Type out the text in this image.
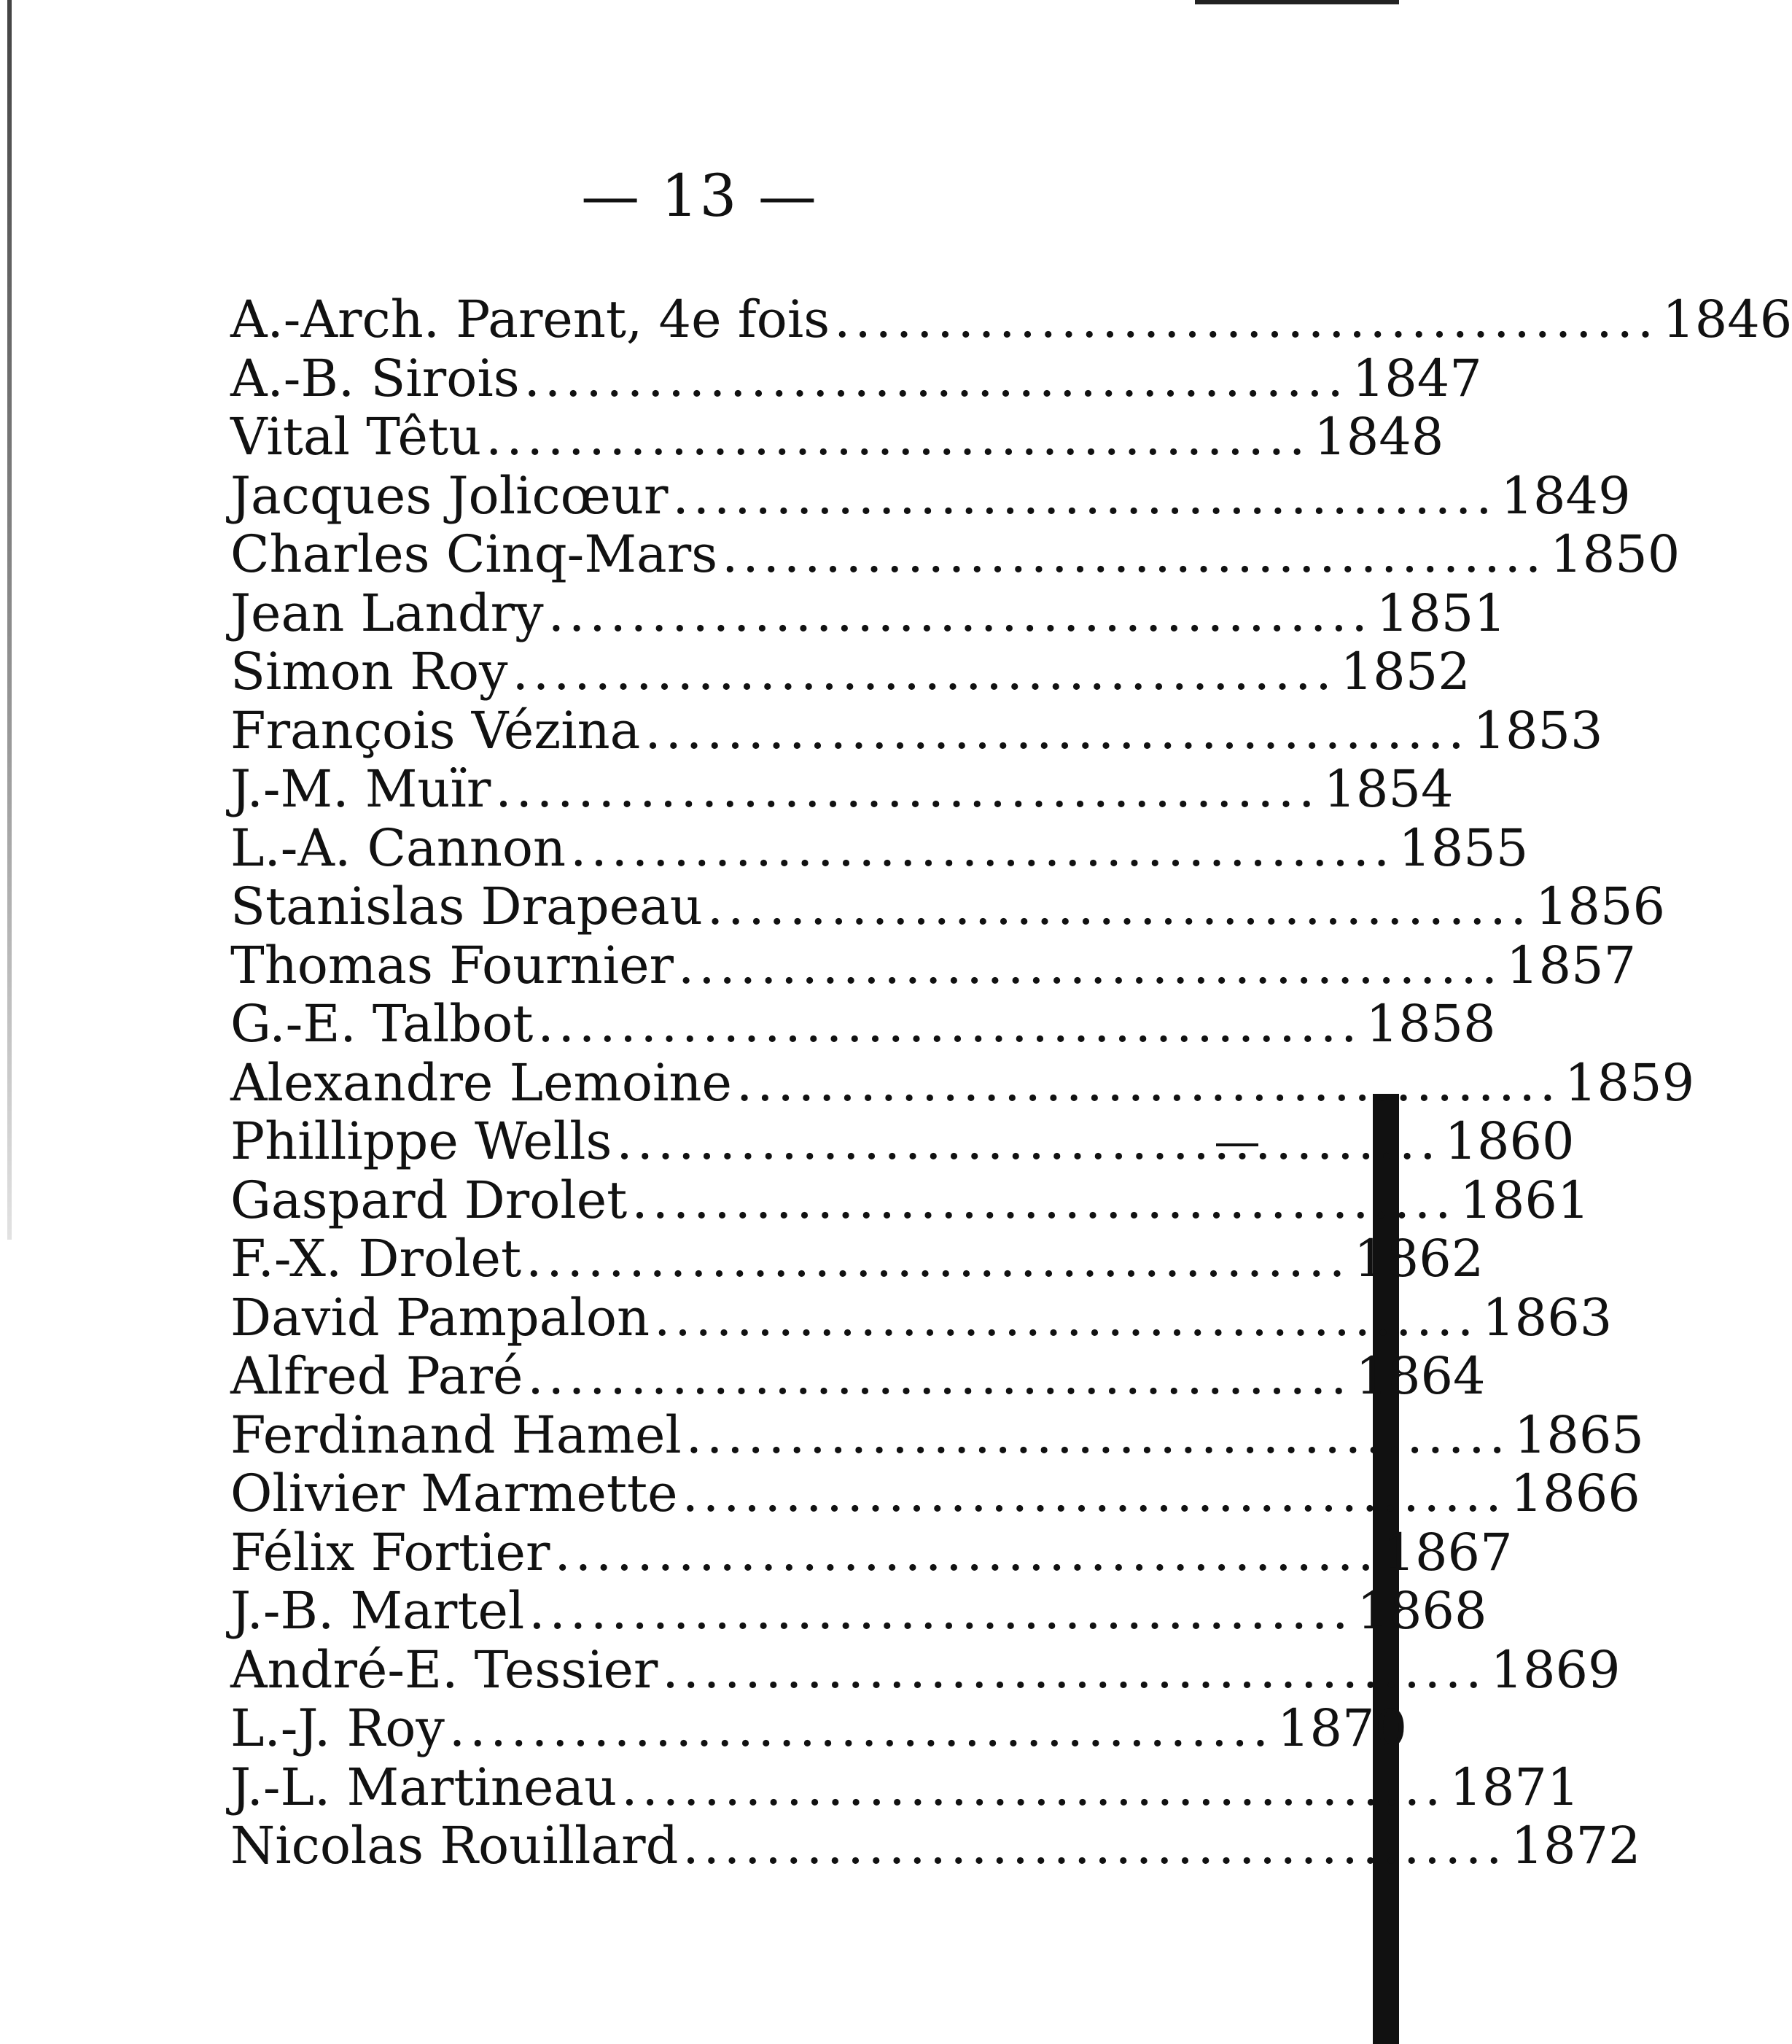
— 13 —
A.-Arch. Parent, 4e fois ........................................ 1846
A.-B. Sirois ........................................ 1847
Vital Têtu ........................................ 1848
Jacques Jolicœur ........................................ 1849
Charles Cinq-Mars ........................................ 1850
Jean Landry ........................................ 1851
Simon Roy ........................................ 1852
François Vézina ........................................ 1853
J.-M. Muïr ........................................ 1854
L.-A. Cannon ........................................ 1855
Stanislas Drapeau ........................................ 1856
Thomas Fournier ........................................ 1857
G.-E. Talbot ........................................ 1858
Alexandre Lemoine ........................................ 1859
Phillippe Wells ........................................ 1860
Gaspard Drolet ........................................ 1861
F.-X. Drolet ........................................ 1862
David Pampalon ........................................ 1863
Alfred Paré ........................................ 1864
Ferdinand Hamel ........................................ 1865
Olivier Marmette ........................................ 1866
Félix Fortier ........................................ 1867
J.-B. Martel ........................................ 1868
André-E. Tessier ........................................ 1869
L.-J. Roy ........................................ 1870
J.-L. Martineau ........................................ 1871
Nicolas Rouillard ........................................ 1872
